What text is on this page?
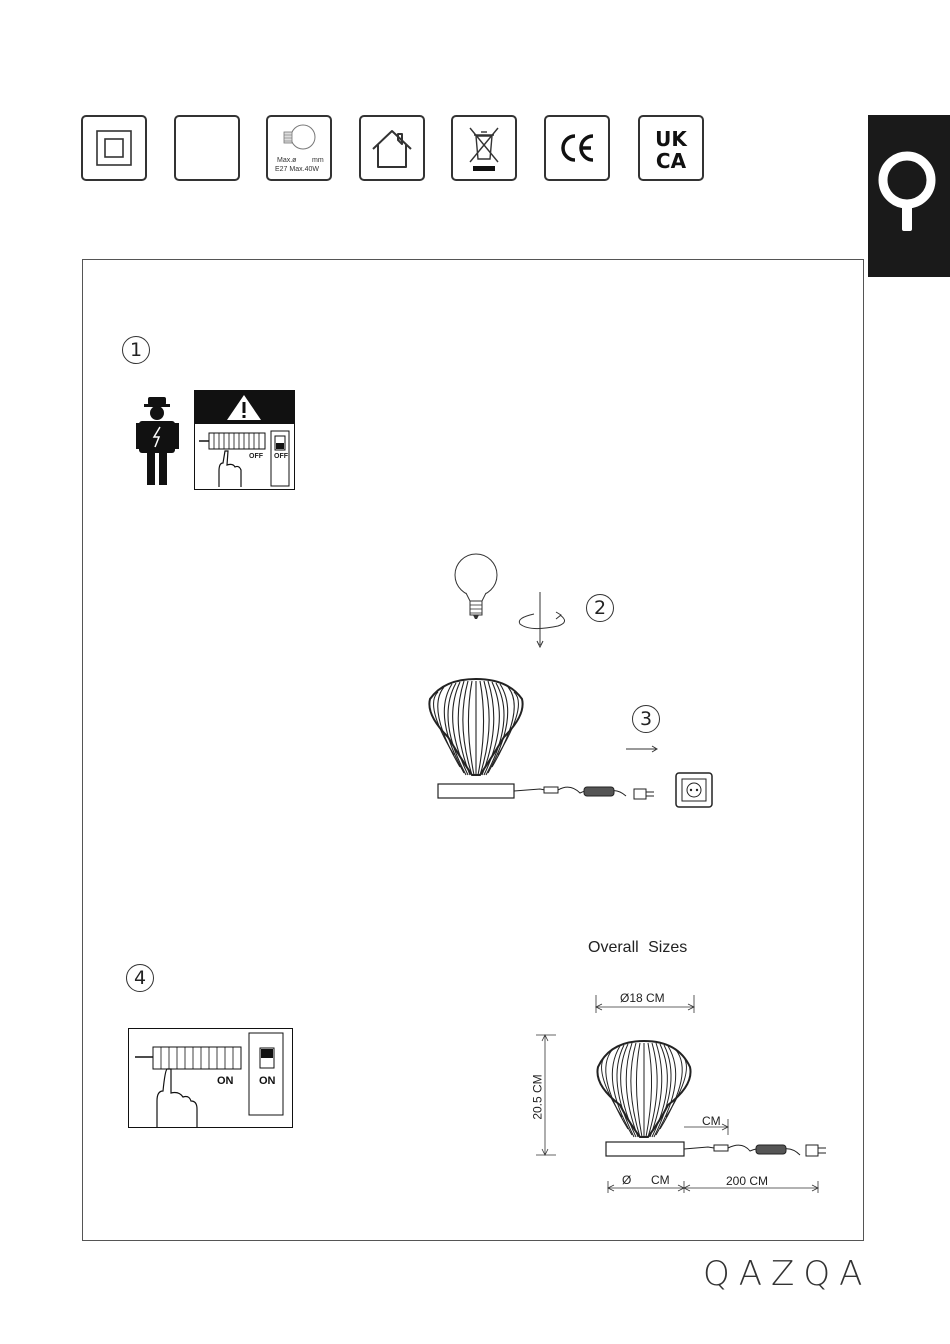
Max.ø mm
E27 Max.40W
UK
CA
1
OFF OFF
2
3
4
ON ON
Overall Sizes
Ø18 CM
20.5 CM
CM
Ø CM	200 CM
QAZQA
